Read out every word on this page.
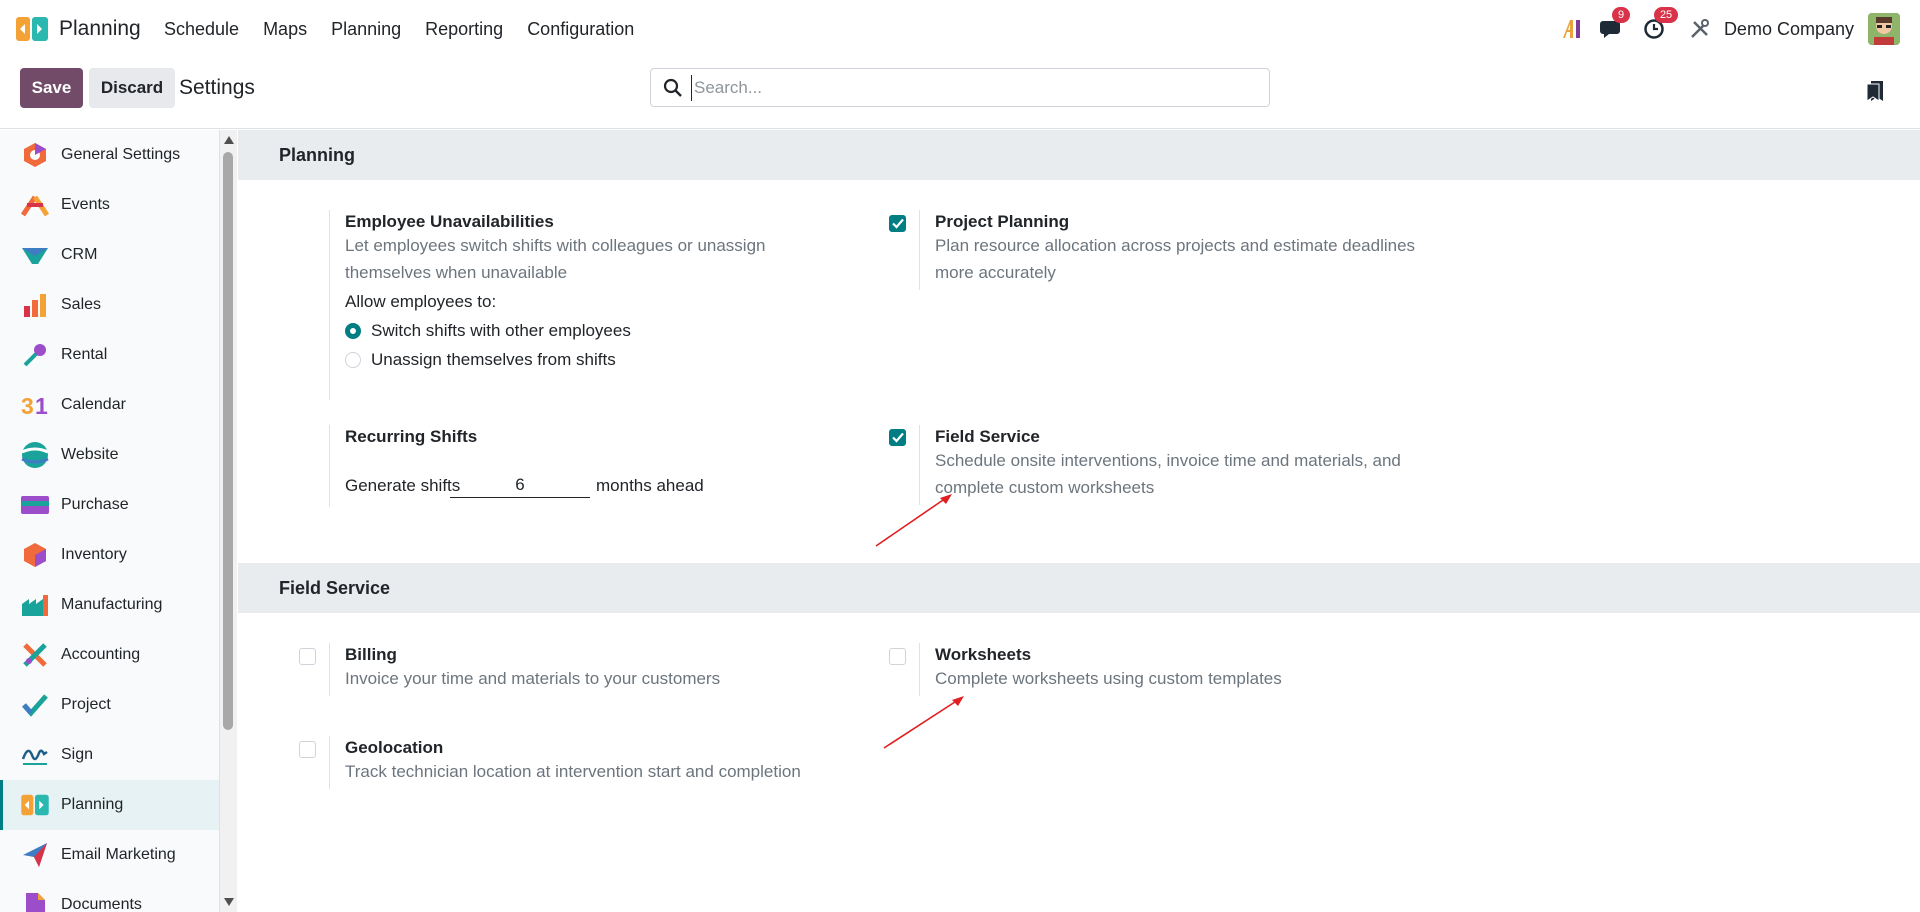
Planning Schedule Maps Planning Reporting Configuration
9	25
Demo Company
Save	Discard Settings
Search...
General Settings
Events
CRM
Sales
Rental
3 1 Calendar
Website
Purchase
Inventory
Manufacturing
Accounting
Project
Sign
Planning
Email Marketing
Documents
Planning
Employee Unavailabilities
Let employees switch shifts with colleagues or unassign themselves when unavailable
Allow employees to:
Switch shifts with other employees
Unassign themselves from shifts
Project Planning
Plan resource allocation across projects and estimate deadlines more accurately
Recurring Shifts
Generate shifts
6	months ahead
Field Service
Schedule onsite interventions, invoice time and materials, and complete custom worksheets
Field Service
Billing
Invoice your time and materials to your customers
Worksheets
Complete worksheets using custom templates
Geolocation
Track technician location at intervention start and completion
